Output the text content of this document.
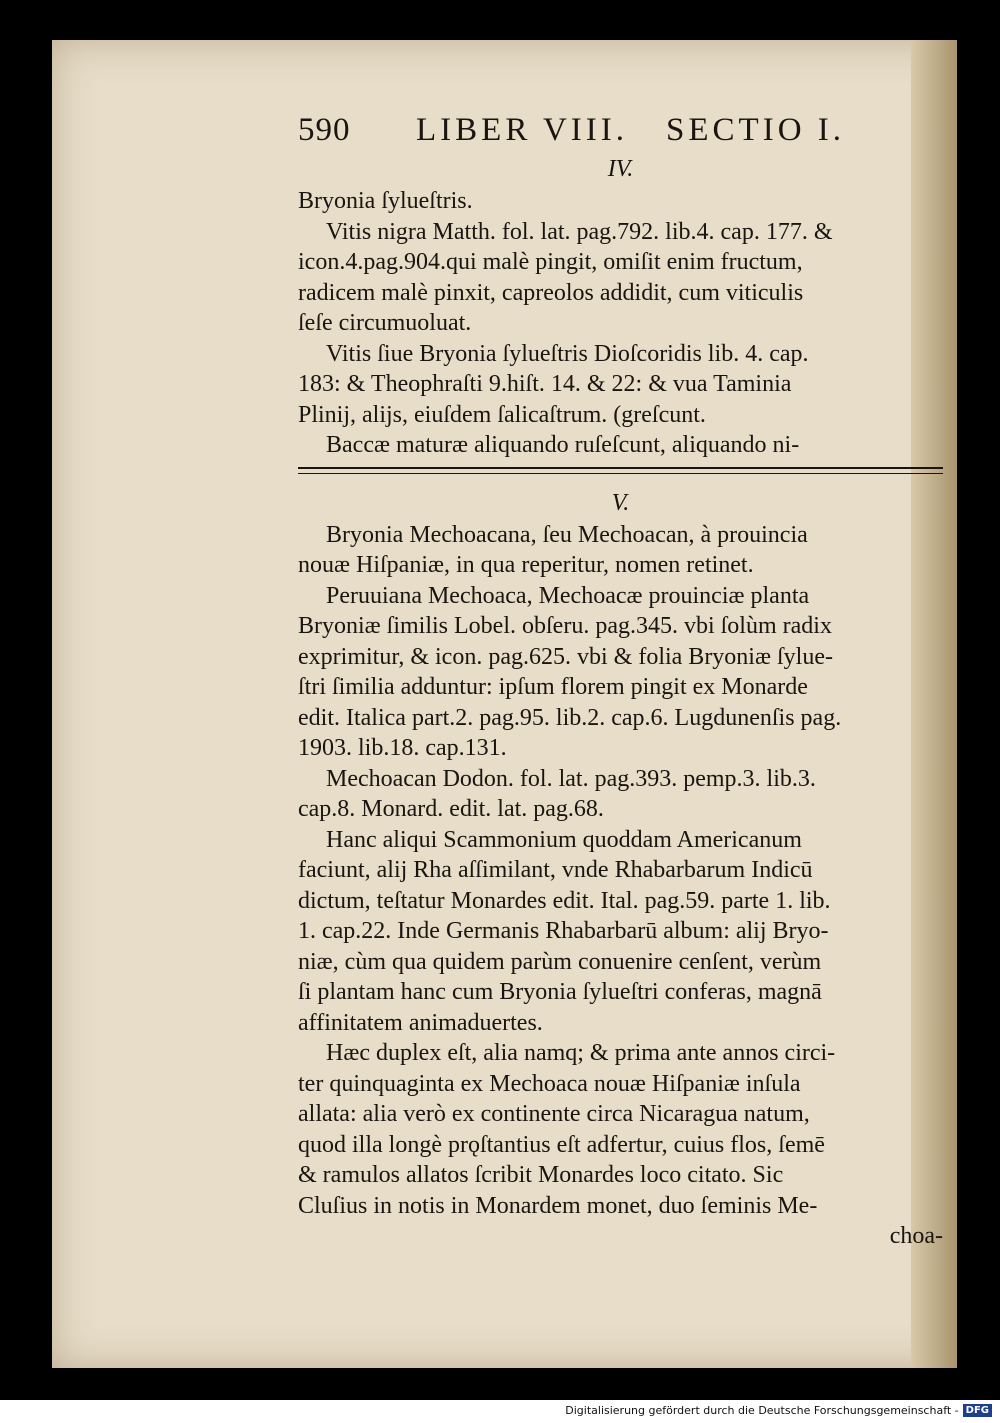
590	LIBER VIII. SECTIO I.
IV.
Bryonia ſylueſtris.
Vitis nigra Matth. fol. lat. pag.792. lib.4. cap. 177. &
icon.4.pag.904.qui malè pingit, omiſit enim fructum,
radicem malè pinxit, capreolos addidit, cum viticulis
ſeſe circumuoluat.
Vitis ſiue Bryonia ſylueſtris Dioſcoridis lib. 4. cap.
183: & Theophraſti 9.hiſt. 14. & 22: & vua Taminia
Plinij, alijs, eiuſdem ſalicaſtrum. (greſcunt.
Baccæ maturæ aliquando ruſeſcunt, aliquando ni-
V.
Bryonia Mechoacana, ſeu Mechoacan, à prouincia
nouæ Hiſpaniæ, in qua reperitur, nomen retinet.
Peruuiana Mechoaca, Mechoacæ prouinciæ planta
Bryoniæ ſimilis Lobel. obſeru. pag.345. vbi ſolùm radix
exprimitur, & icon. pag.625. vbi & folia Bryoniæ ſylue-
ſtri ſimilia adduntur: ipſum florem pingit ex Monarde
edit. Italica part.2. pag.95. lib.2. cap.6. Lugdunenſis pag.
1903. lib.18. cap.131.
Mechoacan Dodon. fol. lat. pag.393. pemp.3. lib.3.
cap.8. Monard. edit. lat. pag.68.
Hanc aliqui Scammonium quoddam Americanum
faciunt, alij Rha aſſimilant, vnde Rhabarbarum Indicū
dictum, teſtatur Monardes edit. Ital. pag.59. parte 1. lib.
1. cap.22. Inde Germanis Rhabarbarū album: alij Bryo-
niæ, cùm qua quidem parùm conuenire cenſent, verùm
ſi plantam hanc cum Bryonia ſylueſtri conferas, magnā
affinitatem animaduertes.
Hæc duplex eſt, alia namq; & prima ante annos circi-
ter quinquaginta ex Mechoaca nouæ Hiſpaniæ inſula
allata: alia verò ex continente circa Nicaragua natum,
quod illa longè prǫſtantius eſt adfertur, cuius flos, ſemē
& ramulos allatos ſcribit Monardes loco citato. Sic
Cluſius in notis in Monardem monet, duo ſeminis Me-
choa-
Digitalisierung gefördert durch die Deutsche Forschungsgemeinschaft - DFG
